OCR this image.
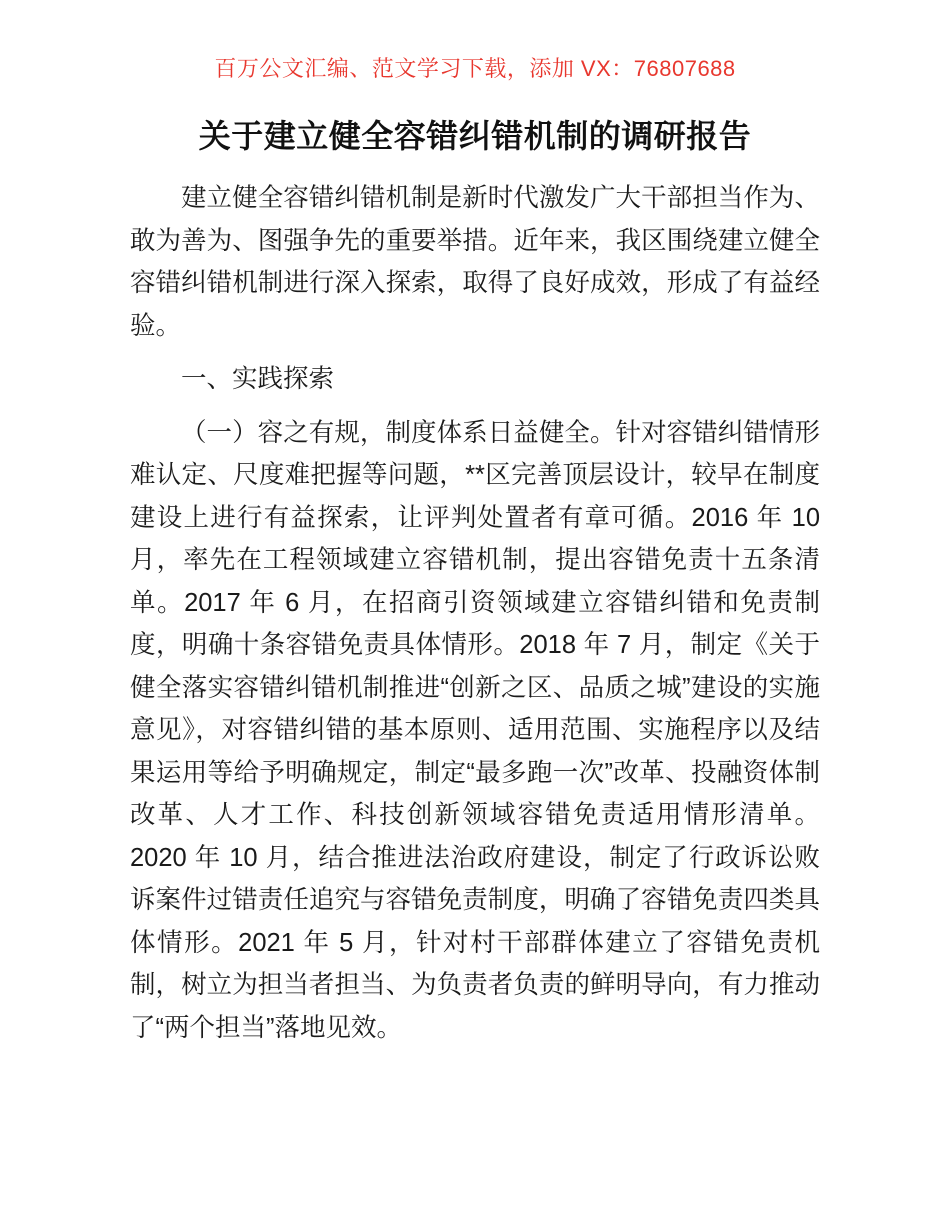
百万公文汇编、范文学习下载，添加 VX：76807688
关于建立健全容错纠错机制的调研报告

建立健全容错纠错机制是新时代激发广大干部担当作为、敢为善为、图强争先的重要举措。近年来，我区围绕建立健全容错纠错机制进行深入探索，取得了良好成效，形成了有益经验。

一、实践探索

（一）容之有规，制度体系日益健全。针对容错纠错情形难认定、尺度难把握等问题，**区完善顶层设计，较早在制度建设上进行有益探索，让评判处置者有章可循。2016 年 10 月，率先在工程领域建立容错机制，提出容错免责十五条清单。2017 年 6 月，在招商引资领域建立容错纠错和免责制度，明确十条容错免责具体情形。2018 年 7 月，制定《关于健全落实容错纠错机制推进“创新之区、品质之城”建设的实施意见》，对容错纠错的基本原则、适用范围、实施程序以及结果运用等给予明确规定，制定“最多跑一次”改革、投融资体制改革、人才工作、科技创新领域容错免责适用情形清单。2020 年 10 月，结合推进法治政府建设，制定了行政诉讼败诉案件过错责任追究与容错免责制度，明确了容错免责四类具体情形。2021 年 5 月，针对村干部群体建立了容错免责机制，树立为担当者担当、为负责者负责的鲜明导向，有力推动了“两个担当”落地见效。
